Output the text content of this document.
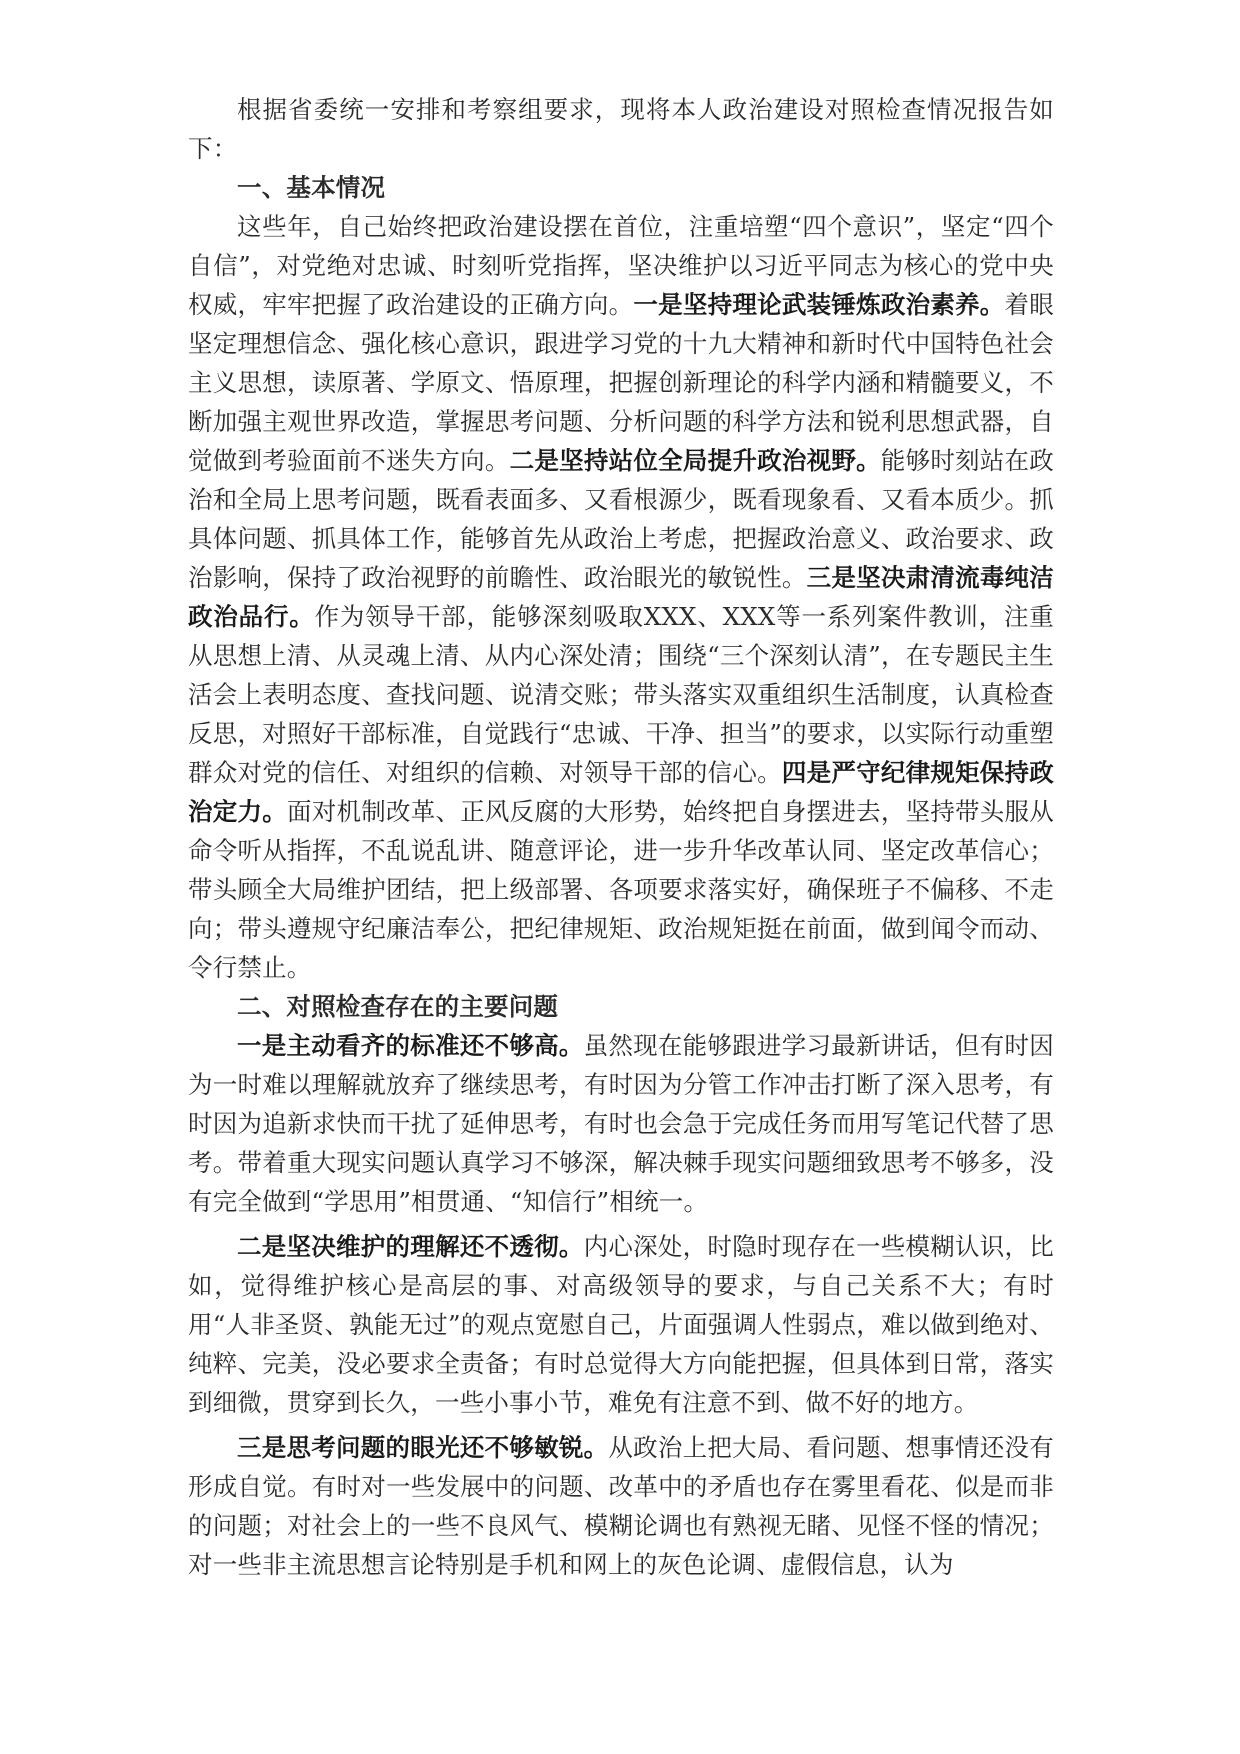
根据省委统一安排和考察组要求，现将本人政治建设对照检查情况报告如下：

一、基本情况

这些年，自己始终把政治建设摆在首位，注重培塑“四个意识”，坚定“四个自信”，对党绝对忠诚、时刻听党指挥，坚决维护以习近平同志为核心的党中央权威，牢牢把握了政治建设的正确方向。一是坚持理论武装锤炼政治素养。着眼坚定理想信念、强化核心意识，跟进学习党的十九大精神和新时代中国特色社会主义思想，读原著、学原文、悟原理，把握创新理论的科学内涵和精髓要义，不断加强主观世界改造，掌握思考问题、分析问题的科学方法和锐利思想武器，自觉做到考验面前不迷失方向。二是坚持站位全局提升政治视野。能够时刻站在政治和全局上思考问题，既看表面多、又看根源少，既看现象看、又看本质少。抓具体问题、抓具体工作，能够首先从政治上考虑，把握政治意义、政治要求、政治影响，保持了政治视野的前瞻性、政治眼光的敏锐性。三是坚决肃清流毒纯洁政治品行。作为领导干部，能够深刻吸取XXX、XXX等一系列案件教训，注重从思想上清、从灵魂上清、从内心深处清；围绕“三个深刻认清”，在专题民主生活会上表明态度、查找问题、说清交账；带头落实双重组织生活制度，认真检查反思，对照好干部标准，自觉践行“忠诚、干净、担当”的要求，以实际行动重塑群众对党的信任、对组织的信赖、对领导干部的信心。四是严守纪律规矩保持政治定力。面对机制改革、正风反腐的大形势，始终把自身摆进去，坚持带头服从命令听从指挥，不乱说乱讲、随意评论，进一步升华改革认同、坚定改革信心；带头顾全大局维护团结，把上级部署、各项要求落实好，确保班子不偏移、不走向；带头遵规守纪廉洁奉公，把纪律规矩、政治规矩挺在前面，做到闻令而动、令行禁止。

二、对照检查存在的主要问题

一是主动看齐的标准还不够高。虽然现在能够跟进学习最新讲话，但有时因为一时难以理解就放弃了继续思考，有时因为分管工作冲击打断了深入思考，有时因为追新求快而干扰了延伸思考，有时也会急于完成任务而用写笔记代替了思考。带着重大现实问题认真学习不够深，解决棘手现实问题细致思考不够多，没有完全做到“学思用”相贯通、“知信行”相统一。

二是坚决维护的理解还不透彻。内心深处，时隐时现存在一些模糊认识，比如，觉得维护核心是高层的事、对高级领导的要求，与自己关系不大；有时用“人非圣贤、孰能无过”的观点宽慰自己，片面强调人性弱点，难以做到绝对、纯粹、完美，没必要求全责备；有时总觉得大方向能把握，但具体到日常，落实到细微，贯穿到长久，一些小事小节，难免有注意不到、做不好的地方。

三是思考问题的眼光还不够敏锐。从政治上把大局、看问题、想事情还没有形成自觉。有时对一些发展中的问题、改革中的矛盾也存在雾里看花、似是而非的问题；对社会上的一些不良风气、模糊论调也有熟视无睹、见怪不怪的情况；对一些非主流思想言论特别是手机和网上的灰色论调、虚假信息，认为
